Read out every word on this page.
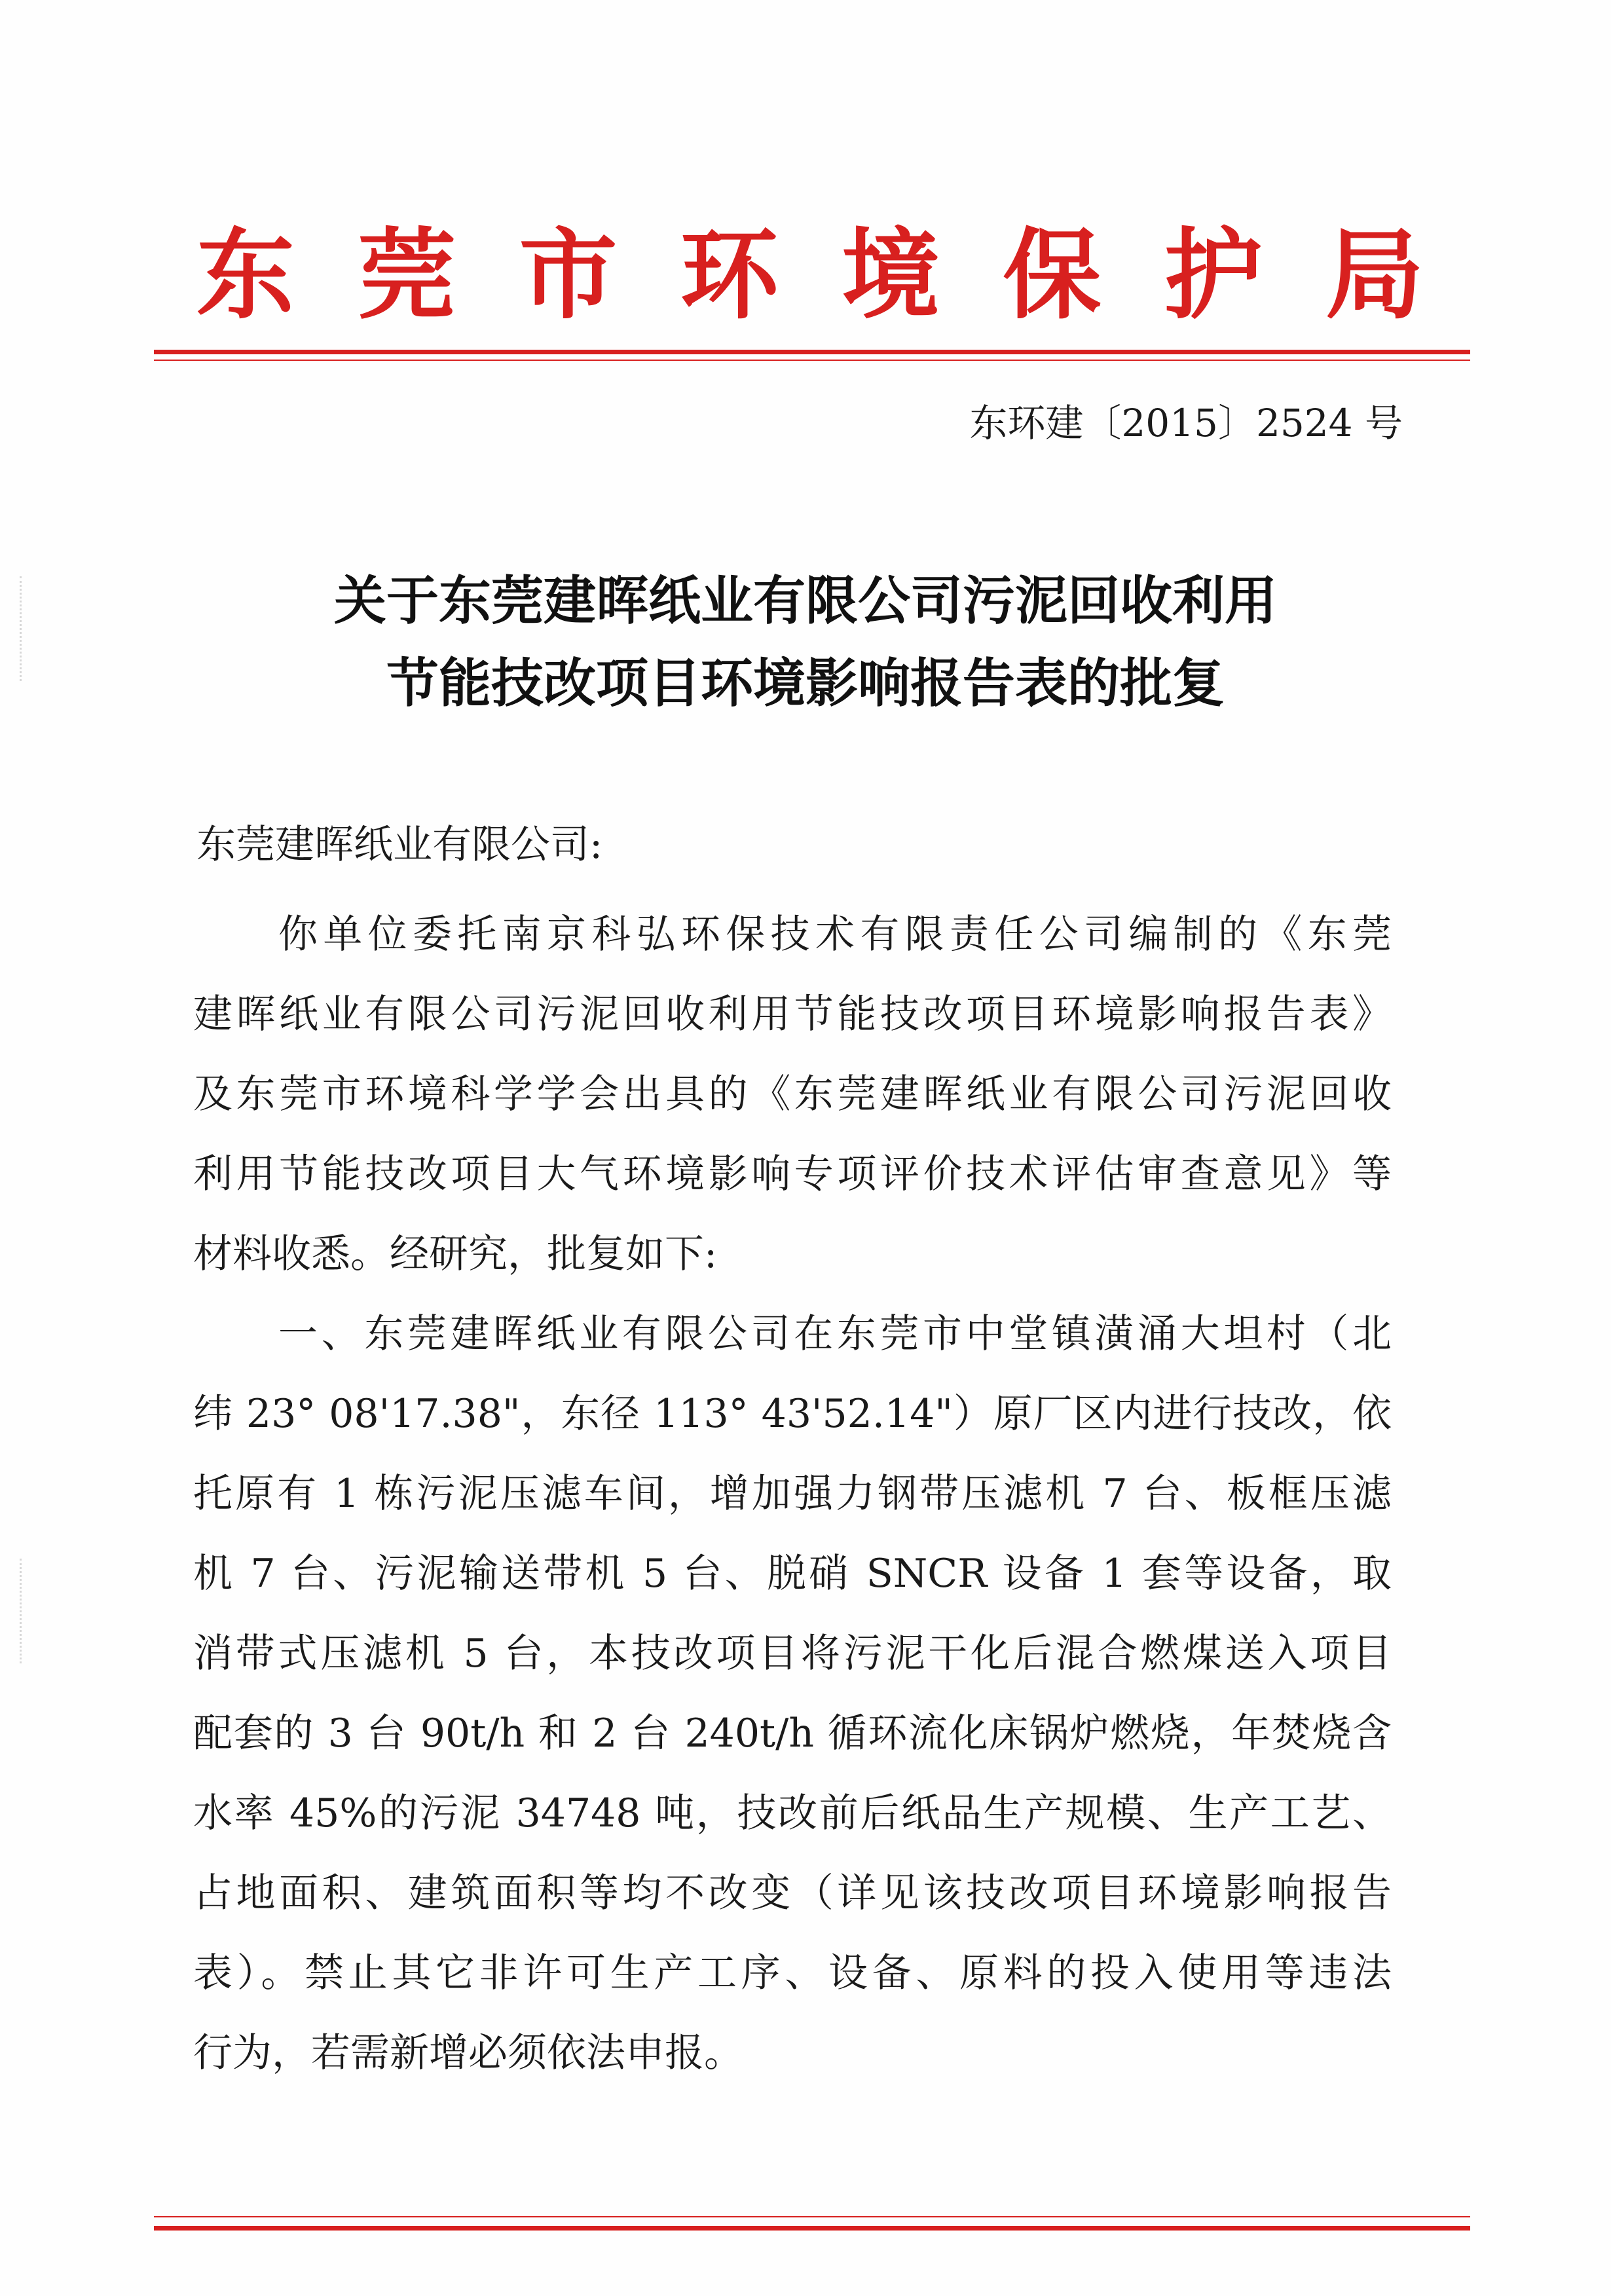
东 莞 市 环 境 保 护 局
东环建〔2015〕2524 号
关于东莞建晖纸业有限公司污泥回收利用
节能技改项目环境影响报告表的批复
东莞建晖纸业有限公司:
你单位委托南京科弘环保技术有限责任公司编制的《东莞
建晖纸业有限公司污泥回收利用节能技改项目环境影响报告表》
及东莞市环境科学学会出具的《东莞建晖纸业有限公司污泥回收
利用节能技改项目大气环境影响专项评价技术评估审查意见》等
材料收悉。经研究，批复如下:
一、东莞建晖纸业有限公司在东莞市中堂镇潢涌大坦村（北
纬 23° 08'17.38"，东径 113° 43'52.14"）原厂区内进行技改，依
托原有 1 栋污泥压滤车间，增加强力钢带压滤机 7 台、板框压滤
机 7 台、污泥输送带机 5 台、脱硝 SNCR 设备 1 套等设备，取
消带式压滤机 5 台，本技改项目将污泥干化后混合燃煤送入项目
配套的 3 台 90t/h 和 2 台 240t/h 循环流化床锅炉燃烧，年焚烧含
水率 45%的污泥 34748 吨，技改前后纸品生产规模、生产工艺、
占地面积、建筑面积等均不改变（详见该技改项目环境影响报告
表）。禁止其它非许可生产工序、设备、原料的投入使用等违法
行为，若需新增必须依法申报。
